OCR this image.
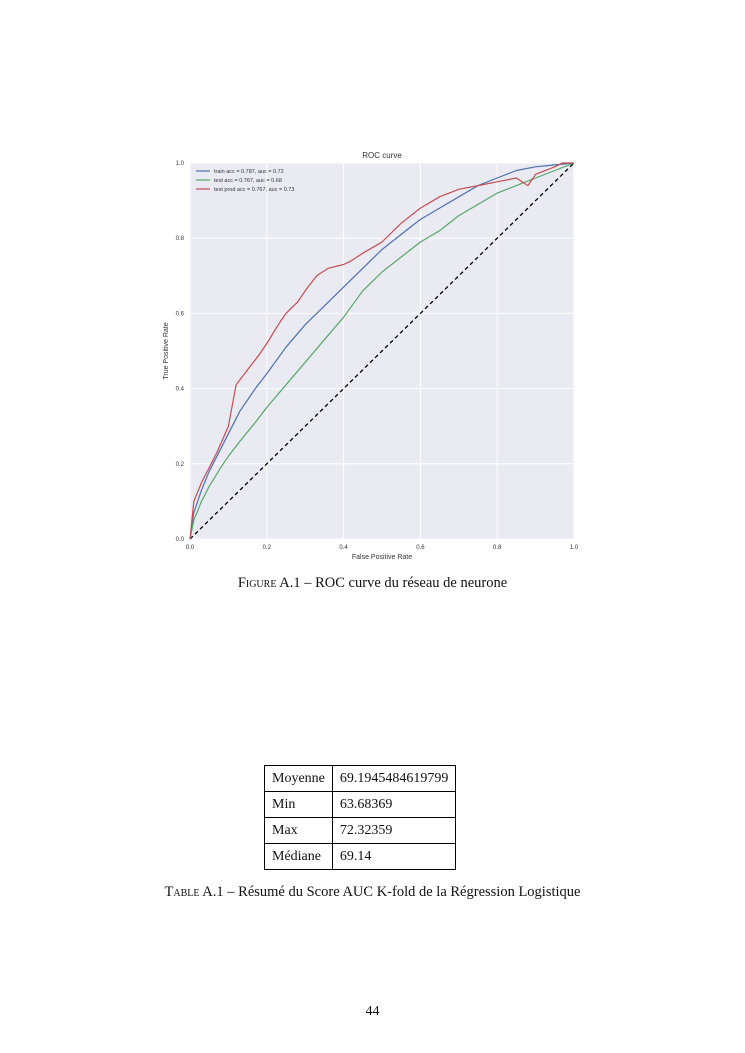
0.0	0.2	0.4	0.6	0.8	1.0
0.0
0.2
0.4
0.6
0.8
1.0
ROC curve
False Positive Rate
True Positive Rate
train acc = 0.787, auc = 0.72
test acc = 0.767, auc = 0.68
test prod acc = 0.767, auc = 0.73
Figure A.1 – ROC curve du réseau de neurone
Moyenne	69.1945484619799
Min	63.68369
Max	72.32359
Médiane	69.14
Table A.1 – Résumé du Score AUC K-fold de la Régression Logistique
44
